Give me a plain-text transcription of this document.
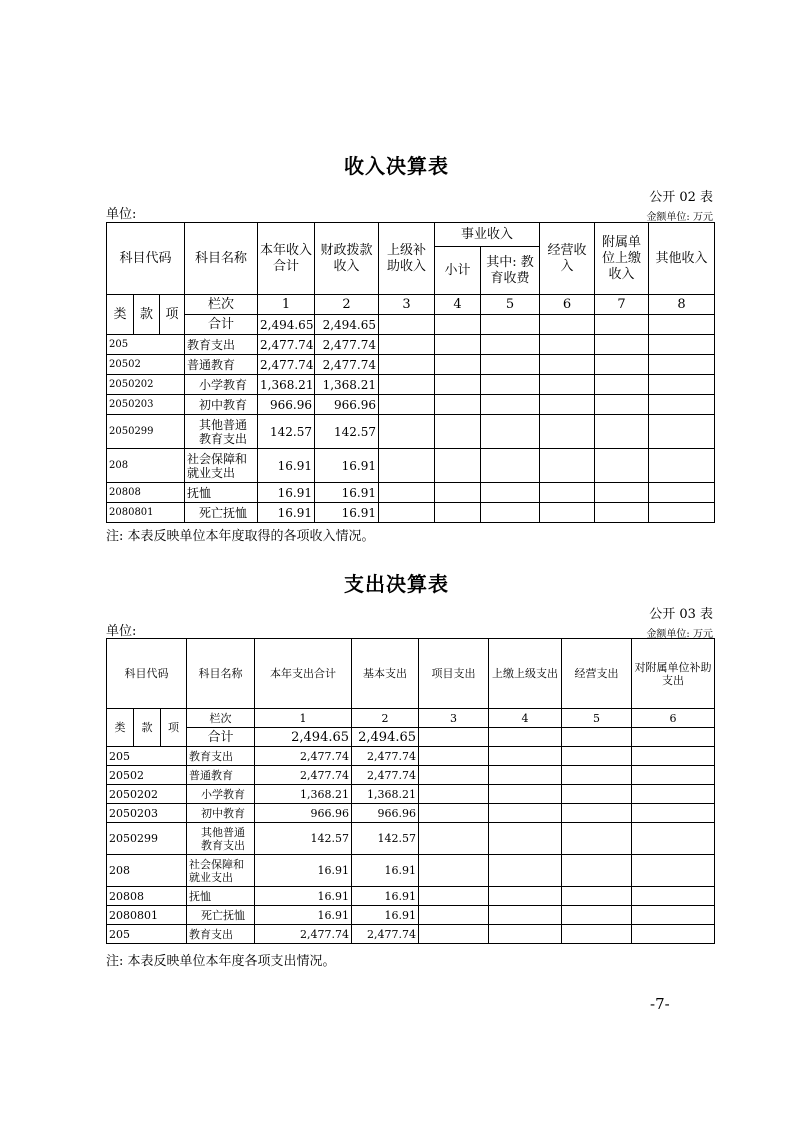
收入决算表
公开 02 表
单位:	金额单位: 万元
科目代码			科目名称	本年收入合计	财政拨款收入	上级补助收入	事业收入		经营收入	附属单位上缴收入	其他收入
							小计	其中: 教育收费			
类	款	项	栏次	1	2	3	4	5	6	7	8
			合计	2,494.65	2,494.65						
205			教育支出	2,477.74	2,477.74						
20502			普通教育	2,477.74	2,477.74						
2050202			小学教育	1,368.21	1,368.21						
2050203			初中教育	966.96	966.96						
2050299			其他普通教育支出	142.57	142.57						
208			社会保障和就业支出	16.91	16.91						
20808			抚恤	16.91	16.91						
2080801			死亡抚恤	16.91	16.91						
注: 本表反映单位本年度取得的各项收入情况。
支出决算表
公开 03 表
单位:	金额单位: 万元
科目代码			科目名称	本年支出合计	基本支出	项目支出	上缴上级支出	经营支出	对附属单位补助支出
类	款	项	栏次	1	2	3	4	5	6
			合计	2,494.65	2,494.65				
205			教育支出	2,477.74	2,477.74				
20502			普通教育	2,477.74	2,477.74				
2050202			小学教育	1,368.21	1,368.21				
2050203			初中教育	966.96	966.96				
2050299			其他普通教育支出	142.57	142.57				
208			社会保障和就业支出	16.91	16.91				
20808			抚恤	16.91	16.91				
2080801			死亡抚恤	16.91	16.91				
205			教育支出	2,477.74	2,477.74				
注: 本表反映单位本年度各项支出情况。
-7-
